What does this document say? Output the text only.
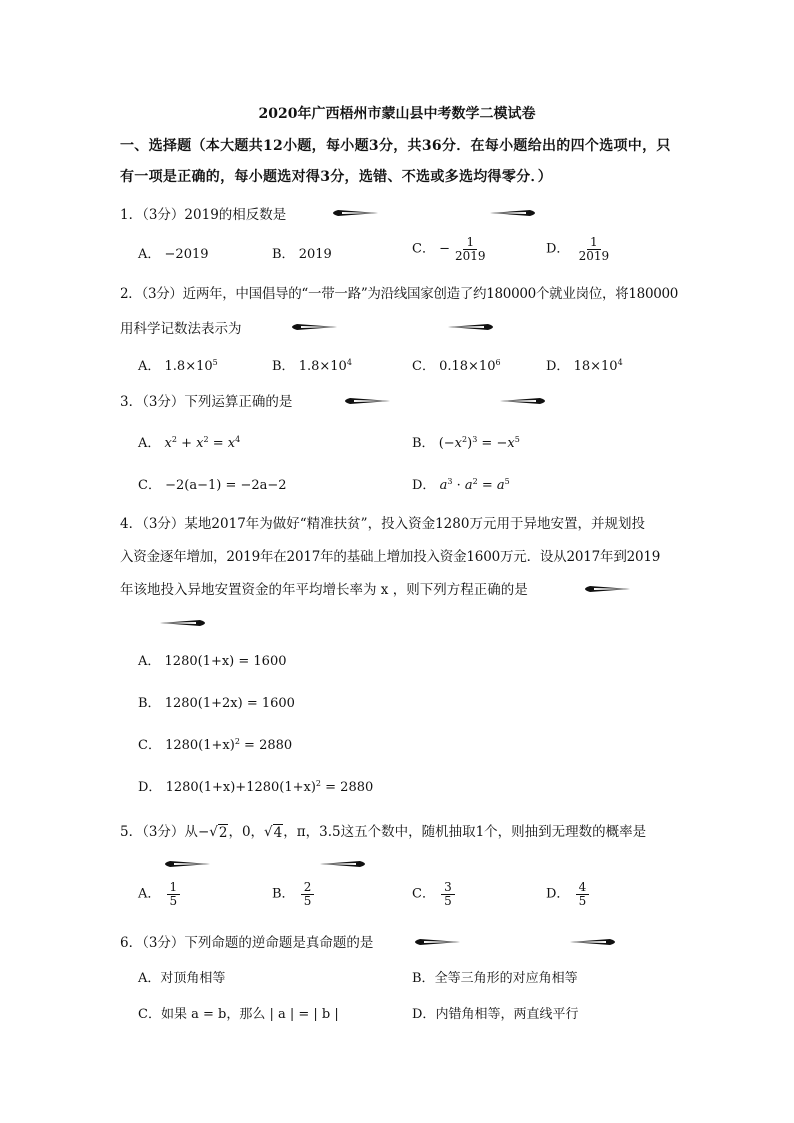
2020年广西梧州市蒙山县中考数学二模试卷
一、选择题（本大题共12小题，每小题3分，共36分．在每小题给出的四个选项中，只
有一项是正确的，每小题选对得3分，选错、不选或多选均得零分．）
1．（3分）2019的相反数是
A． −2019	B． 2019	C． − $\frac{1}{2019}$	D． $\frac{1}{2019}$
2．（3分）近两年，中国倡导的“一带一路”为沿线国家创造了约180000个就业岗位，将180000
用科学记数法表示为
A． $1.8\times 10^5$	B． $1.8\times 10^4$	C． $0.18\times 10^6$	D． $18\times 10^4$
3．（3分）下列运算正确的是
A． $x^2 + x^2 = x^4$	B． $(-x^2)^3 = -x^5$
C． −2(a−1) = −2a−2	D． $a^3 \cdot a^2 = a^5$
4．（3分）某地2017年为做好“精准扶贫”，投入资金1280万元用于异地安置，并规划投
入资金逐年增加，2019年在2017年的基础上增加投入资金1600万元．设从2017年到2019
年该地投入异地安置资金的年平均增长率为 x ，则下列方程正确的是
A． 1280(1+x) = 1600
B． 1280(1+2x) = 1600
C． $1280(1+x)^2 = 2880$
D． $1280(1+x)+1280(1+x)^2 = 2880$
5．（3分）从− √ 2 ，0， √ 4 ，π，3.5这五个数中，随机抽取1个，则抽到无理数的概率是
A． $\frac{1}{5}$	B． $\frac{2}{5}$	C． $\frac{3}{5}$	D． $\frac{4}{5}$
6．（3分）下列命题的逆命题是真命题的是
A．对顶角相等	B．全等三角形的对应角相等
C．如果 a = b，那么 | a | = | b |	D．内错角相等，两直线平行
